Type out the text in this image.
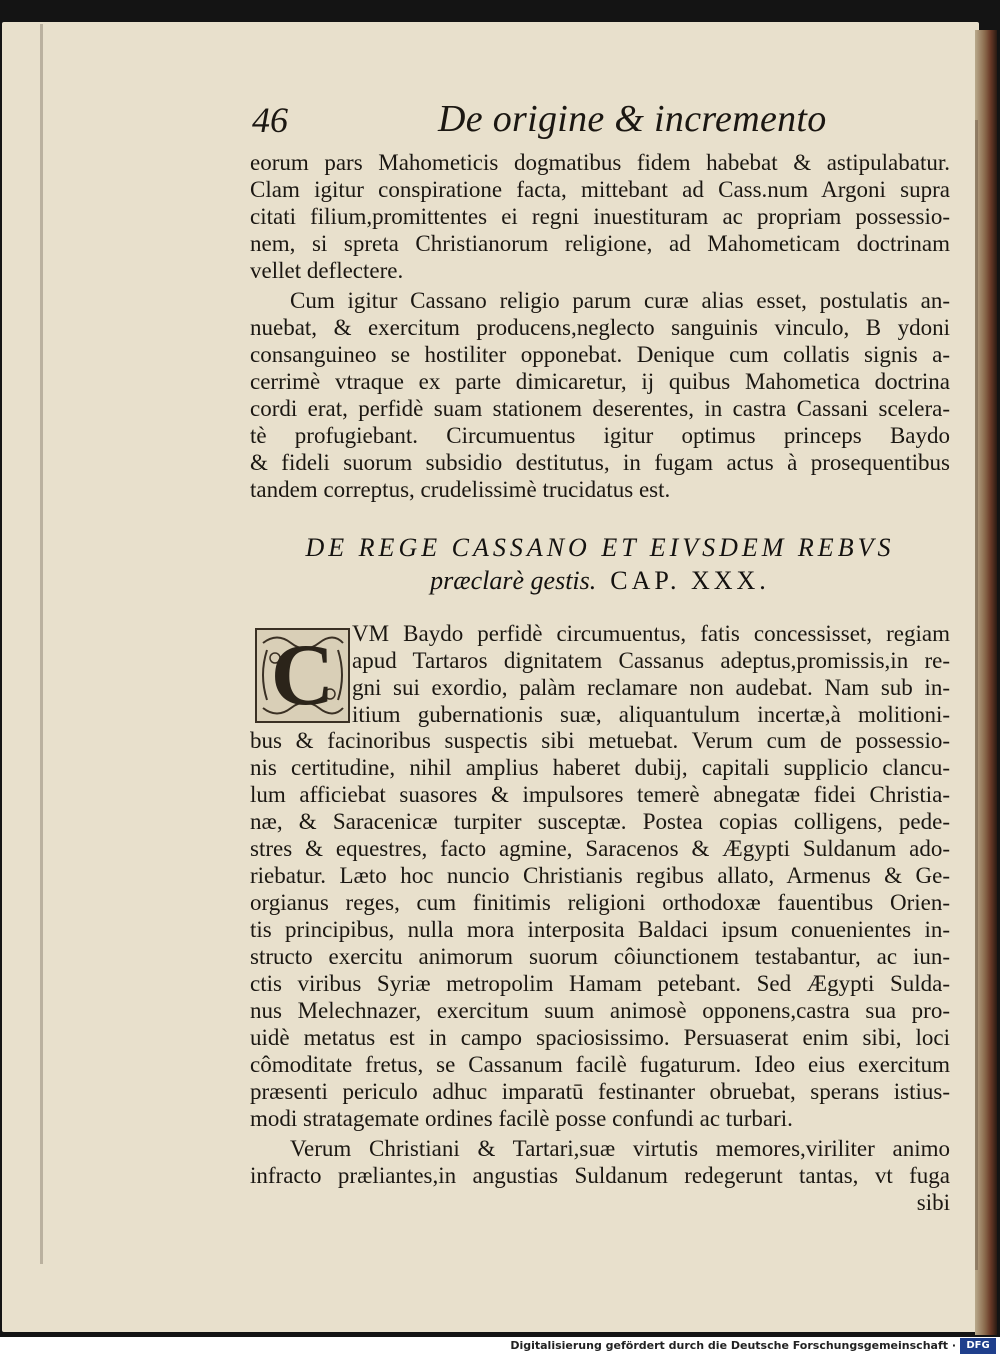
46	De origine & incremento
eorum pars Mahometicis dogmatibus fidem habebat & astipulabatur.
Clam igitur conspiratione facta, mittebant ad Cass.num Argoni supra
citati filium,promittentes ei regni inuestituram ac propriam possessio-
nem, si spreta Christianorum religione, ad Mahometicam doctrinam
vellet deflectere.
Cum igitur Cassano religio parum curæ alias esset, postulatis an-
nuebat, & exercitum producens,neglecto sanguinis vinculo, B ydoni
consanguineo se hostiliter opponebat. Denique cum collatis signis a-
cerrimè vtraque ex parte dimicaretur, ij quibus Mahometica doctrina
cordi erat, perfidè suam stationem deserentes, in castra Cassani scelera-
tè profugiebant. Circumuentus igitur optimus princeps Baydo
& fideli suorum subsidio destitutus, in fugam actus à prosequentibus
tandem correptus, crudelissimè trucidatus est.
DE REGE CASSANO ET EIVSDEM REBVS
præclarè gestis. CAP. XXX.
C VM Baydo perfidè circumuentus, fatis concessisset, regiam
apud Tartaros dignitatem Cassanus adeptus,promissis,in re-
gni sui exordio, palàm reclamare non audebat. Nam sub in-
itium gubernationis suæ, aliquantulum incertæ,à molitioni-
bus & facinoribus suspectis sibi metuebat. Verum cum de possessio-
nis certitudine, nihil amplius haberet dubij, capitali supplicio clancu-
lum afficiebat suasores & impulsores temerè abnegatæ fidei Christia-
næ, & Saracenicæ turpiter susceptæ. Postea copias colligens, pede-
stres & equestres, facto agmine, Saracenos & Ægypti Suldanum ado-
riebatur. Læto hoc nuncio Christianis regibus allato, Armenus & Ge-
orgianus reges, cum finitimis religioni orthodoxæ fauentibus Orien-
tis principibus, nulla mora interposita Baldaci ipsum conuenientes in-
structo exercitu animorum suorum côiunctionem testabantur, ac iun-
ctis viribus Syriæ metropolim Hamam petebant. Sed Ægypti Sulda-
nus Melechnazer, exercitum suum animosè opponens,castra sua pro-
uidè metatus est in campo spaciosissimo. Persuaserat enim sibi, loci
cômoditate fretus, se Cassanum facilè fugaturum. Ideo eius exercitum
præsenti periculo adhuc imparatū festinanter obruebat, sperans istius-
modi stratagemate ordines facilè posse confundi ac turbari.
Verum Christiani & Tartari,suæ virtutis memores,viriliter animo
infracto præliantes,in angustias Suldanum redegerunt tantas, vt fuga
sibi
Digitalisierung gefördert durch die Deutsche Forschungsgemeinschaft ·	DFG
